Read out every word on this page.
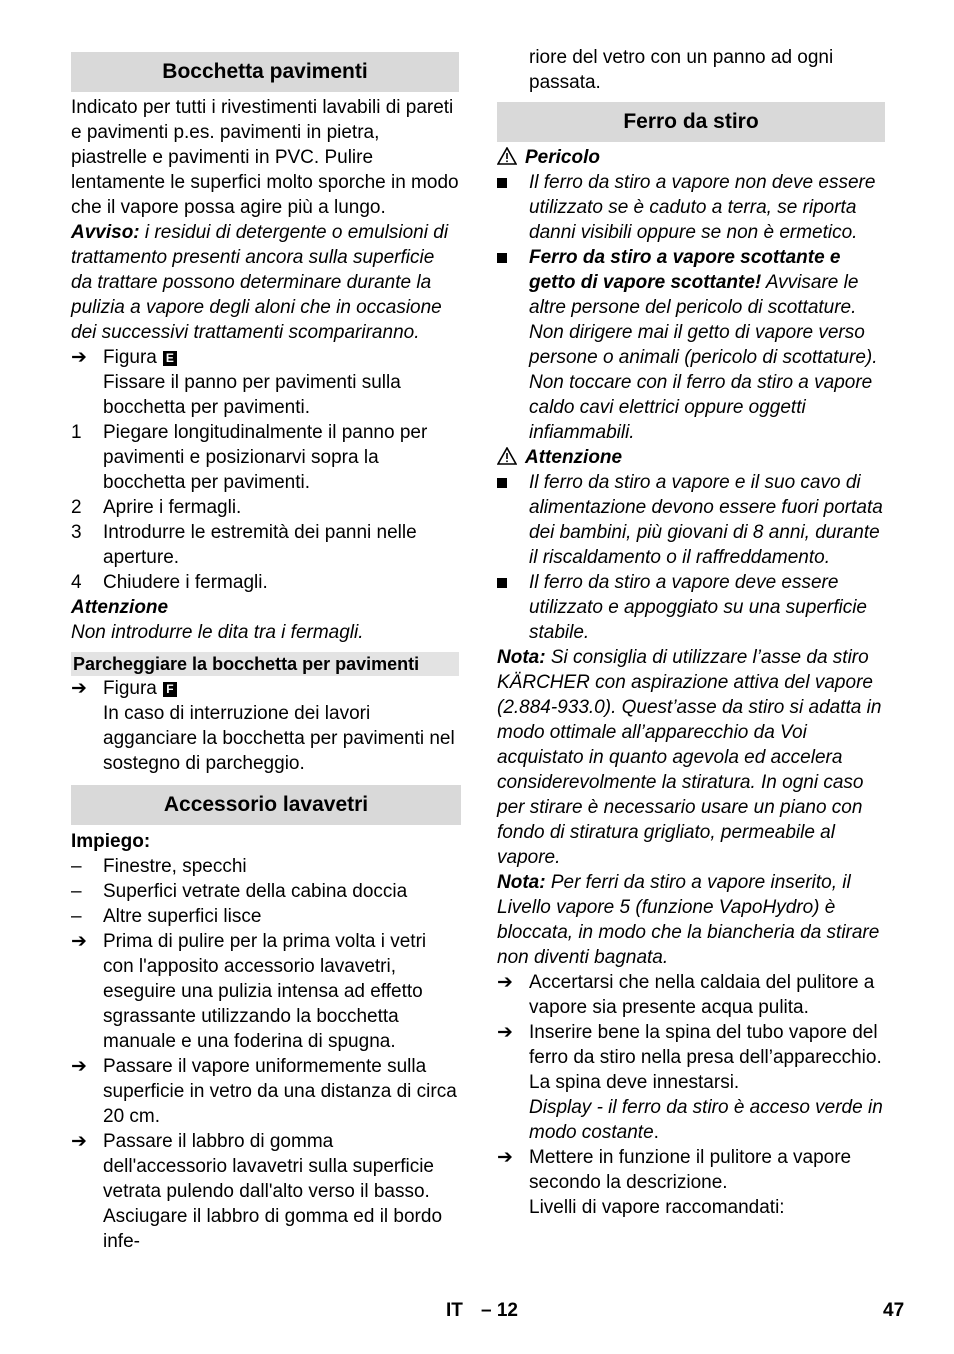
Bocchetta pavimenti

Indicato per tutti i rivestimenti lavabili di pareti e pavimenti p.es. pavimenti in pietra, piastrelle e pavimenti in PVC. Pulire lentamente le superfici molto sporche in modo che il vapore possa agire più a lungo.

Avviso: i residui di detergente o emulsioni di trattamento presenti ancora sulla superficie da trattare possono determinare durante la pulizia a vapore degli aloni che in occasione dei successivi trattamenti scompariranno.

➔ Figura E
Fissare il panno per pavimenti sulla bocchetta per pavimenti.
1	Piegare longitudinalmente il panno per pavimenti e posizionarvi sopra la bocchetta per pavimenti.
2	Aprire i fermagli.
3	Introdurre le estremità dei panni nelle aperture.
4	Chiudere i fermagli.

Attenzione

Non introdurre le dita tra i fermagli.

Parcheggiare la bocchetta per pavimenti
➔ Figura F
In caso di interruzione dei lavori agganciare la bocchetta per pavimenti nel sostegno di parcheggio.
Accessorio lavavetri

Impiego:

–	Finestre, specchi
–	Superfici vetrate della cabina doccia
–	Altre superfici lisce
➔ Prima di pulire per la prima volta i vetri con l'apposito accessorio lavavetri, eseguire una pulizia intensa ad effetto sgrassante utilizzando la bocchetta manuale e una foderina di spugna.
➔ Passare il vapore uniformemente sulla superficie in vetro da una distanza di circa 20 cm.
➔ Passare il labbro di gomma dell'accessorio lavavetri sulla superficie vetrata pulendo dall'alto verso il basso. Asciugare il labbro di gomma ed il bordo infe-

riore del vetro con un panno ad ogni passata.

Ferro da stiro

Pericolo

Il ferro da stiro a vapore non deve essere utilizzato se è caduto a terra, se riporta danni visibili oppure se non è ermetico.
Ferro da stiro a vapore scottante e getto di vapore scottante! Avvisare le altre persone del pericolo di scottature. Non dirigere mai il getto di vapore verso persone o animali (pericolo di scottature). Non toccare con il ferro da stiro a vapore caldo cavi elettrici oppure oggetti infiammabili.

Attenzione

Il ferro da stiro a vapore e il suo cavo di alimentazione devono essere fuori portata dei bambini, più giovani di 8 anni, durante il riscaldamento o il raffreddamento.
Il ferro da stiro a vapore deve essere utilizzato e appoggiato su una superficie stabile.

Nota: Si consiglia di utilizzare l’asse da stiro KÄRCHER con aspirazione attiva del vapore (2.884-933.0). Quest’asse da stiro si adatta in modo ottimale all’apparecchio da Voi acquistato in quanto agevola ed accelera considerevolmente la stiratura. In ogni caso per stirare è necessario usare un piano con fondo di stiratura grigliato, permeabile al vapore.

Nota: Per ferri da stiro a vapore inserito, il Livello vapore 5 (funzione VapoHydro) è bloccata, in modo che la biancheria da stirare non diventi bagnata.

➔ Accertarsi che nella caldaia del pulitore a vapore sia presente acqua pulita.
➔ Inserire bene la spina del tubo vapore del ferro da stiro nella presa dell’apparecchio. La spina deve innestarsi.
Display - il ferro da stiro è acceso verde in modo costante.
➔ Mettere in funzione il pulitore a vapore secondo la descrizione.
Livelli di vapore raccomandati:
IT – 12	47
